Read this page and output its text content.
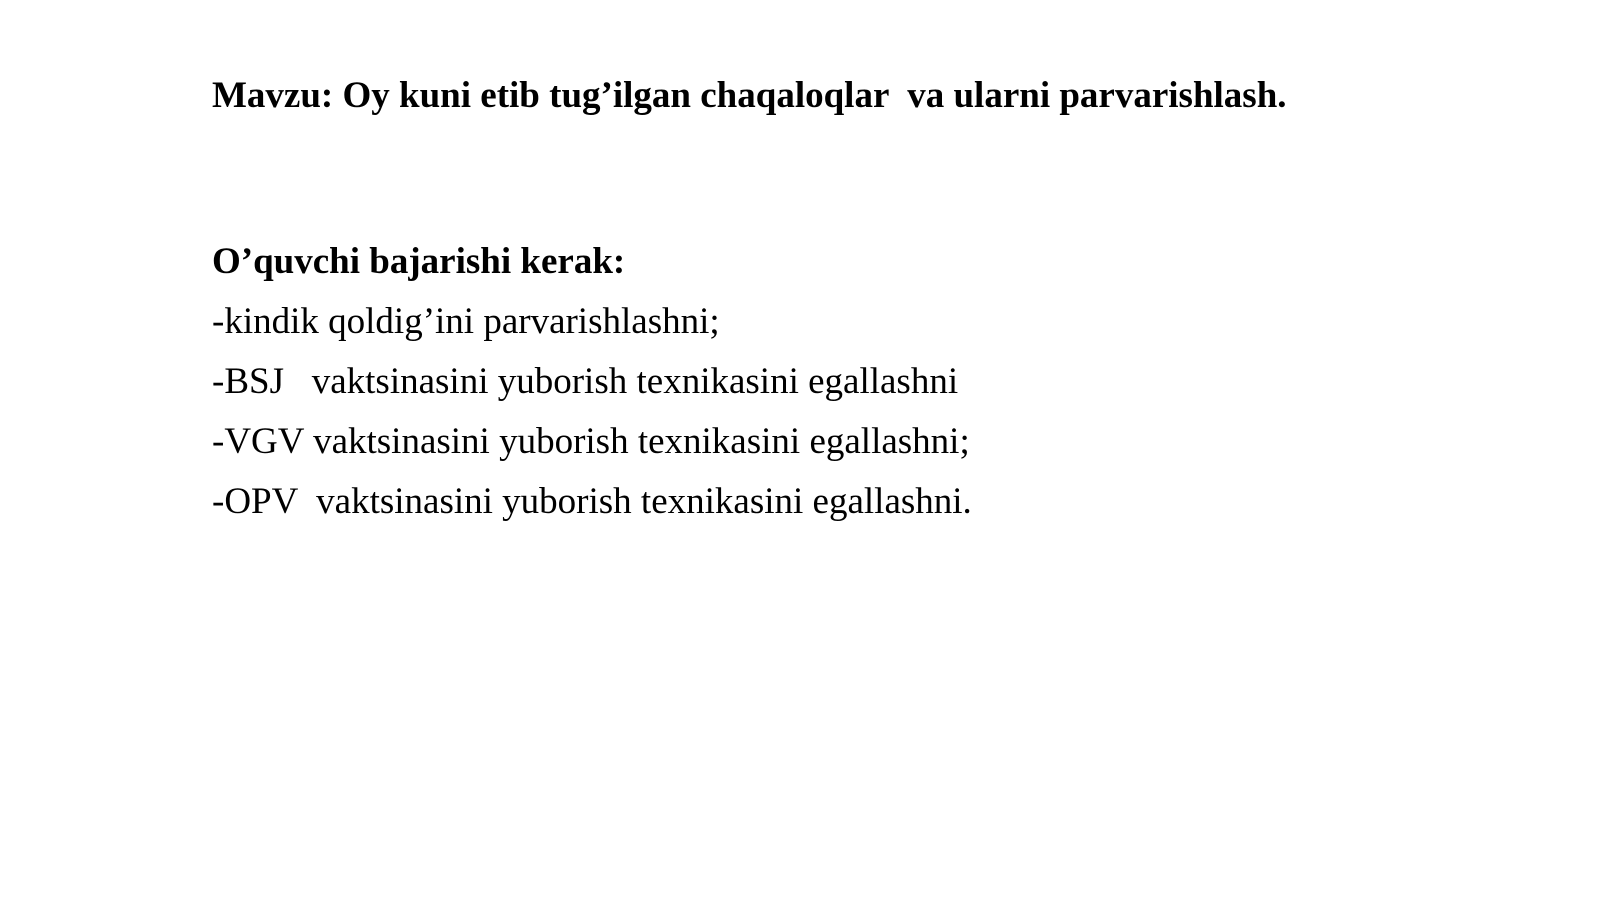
Mavzu: Oy kuni etib tug’ilgan chaqaloqlar  va ularni parvarishlash.

O’quvchi bajarishi kerak:

-kindik qoldig’ini parvarishlashni;
-BSJ   vaktsinasini yuborish texnikasini egallashni
-VGV vaktsinasini yuborish texnikasini egallashni;
-OPV  vaktsinasini yuborish texnikasini egallashni.
